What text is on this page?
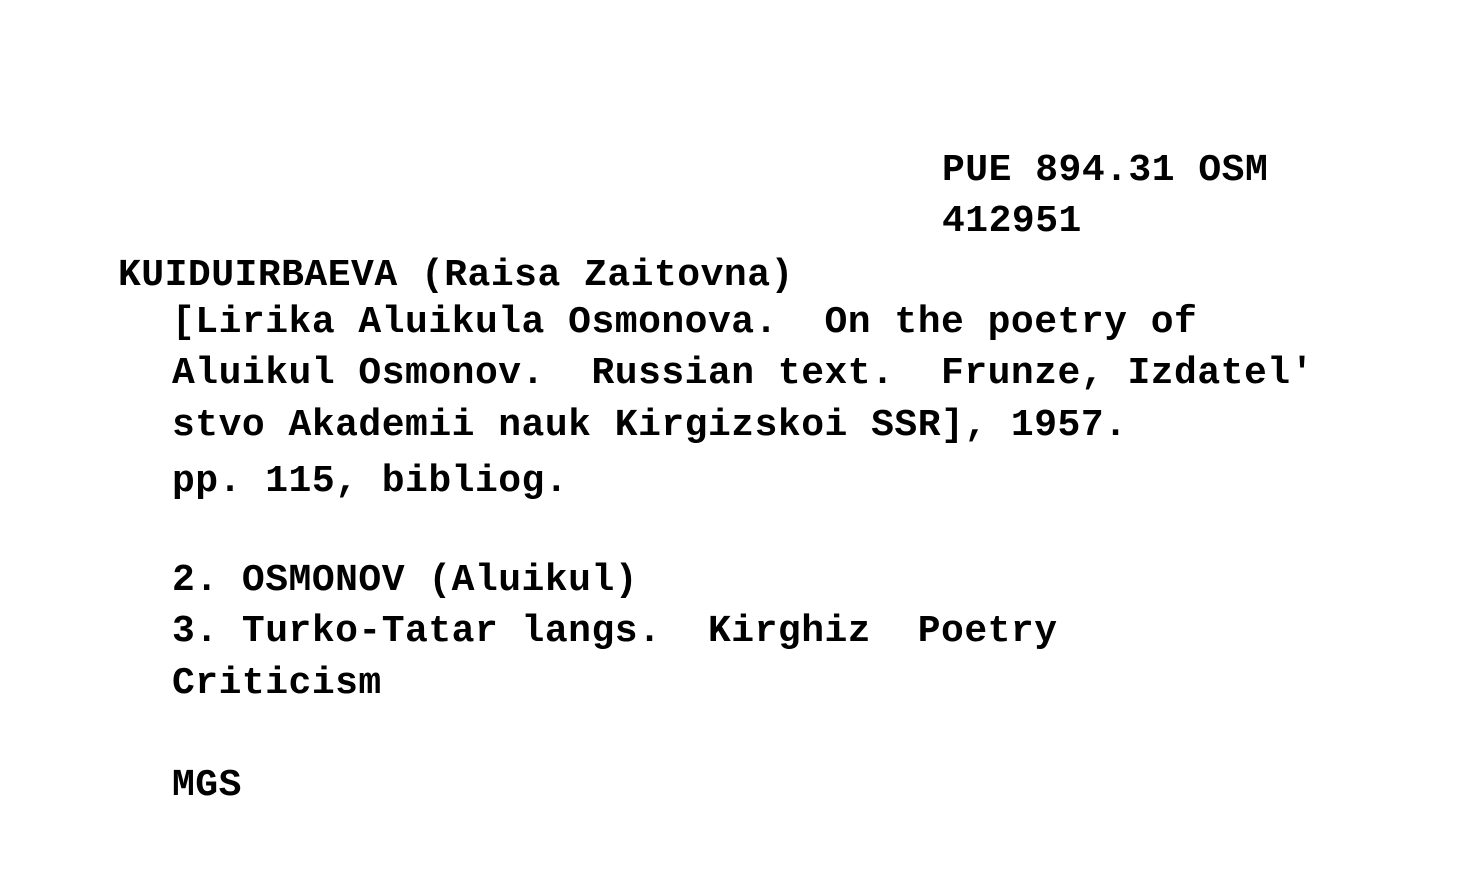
PUE 894.31 OSM
412951
KUIDUIRBAEVA (Raisa Zaitovna)
[Lirika Aluikula Osmonova.  On the poetry of
Aluikul Osmonov.  Russian text.  Frunze, Izdatel'
stvo Akademii nauk Kirgizskoi SSR], 1957.
pp. 115, bibliog.
2. OSMONOV (Aluikul)
3. Turko-Tatar langs.  Kirghiz  Poetry
Criticism
MGS
